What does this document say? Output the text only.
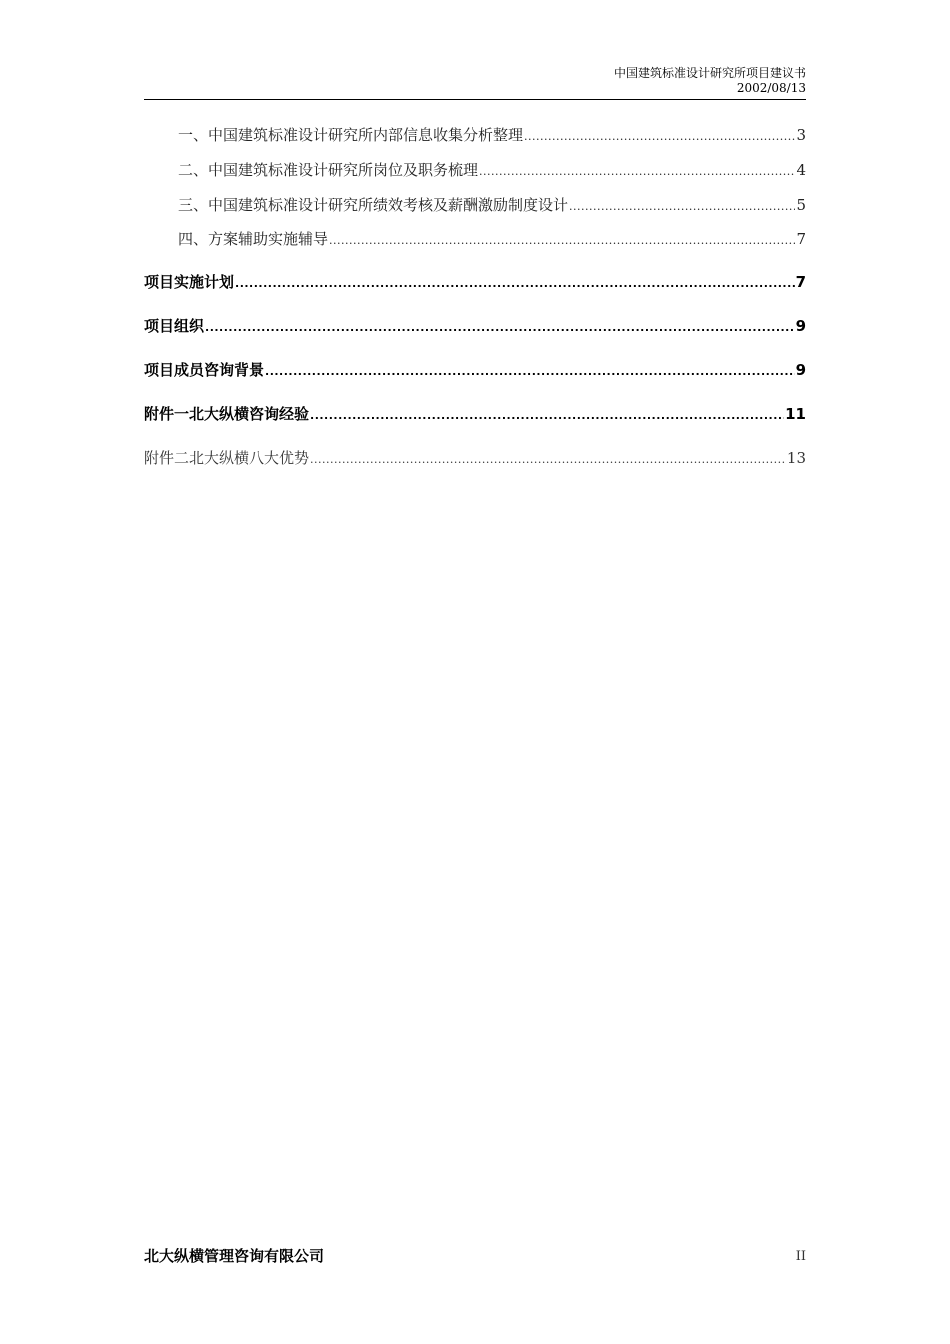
中国建筑标准设计研究所项目建议书
2002/08/13
一、中国建筑标准设计研究所内部信息收集分析整理 .....	3
二、中国建筑标准设计研究所岗位及职务梳理 .....	4
三、中国建筑标准设计研究所绩效考核及薪酬激励制度设计 .....	5
四、方案辅助实施辅导 .....	7
项目实施计划 .....	7
项目组织 .....	9
项目成员咨询背景 .....	9
附件一北大纵横咨询经验 .....	11
附件二北大纵横八大优势 .....	13
北大纵横管理咨询有限公司	II
